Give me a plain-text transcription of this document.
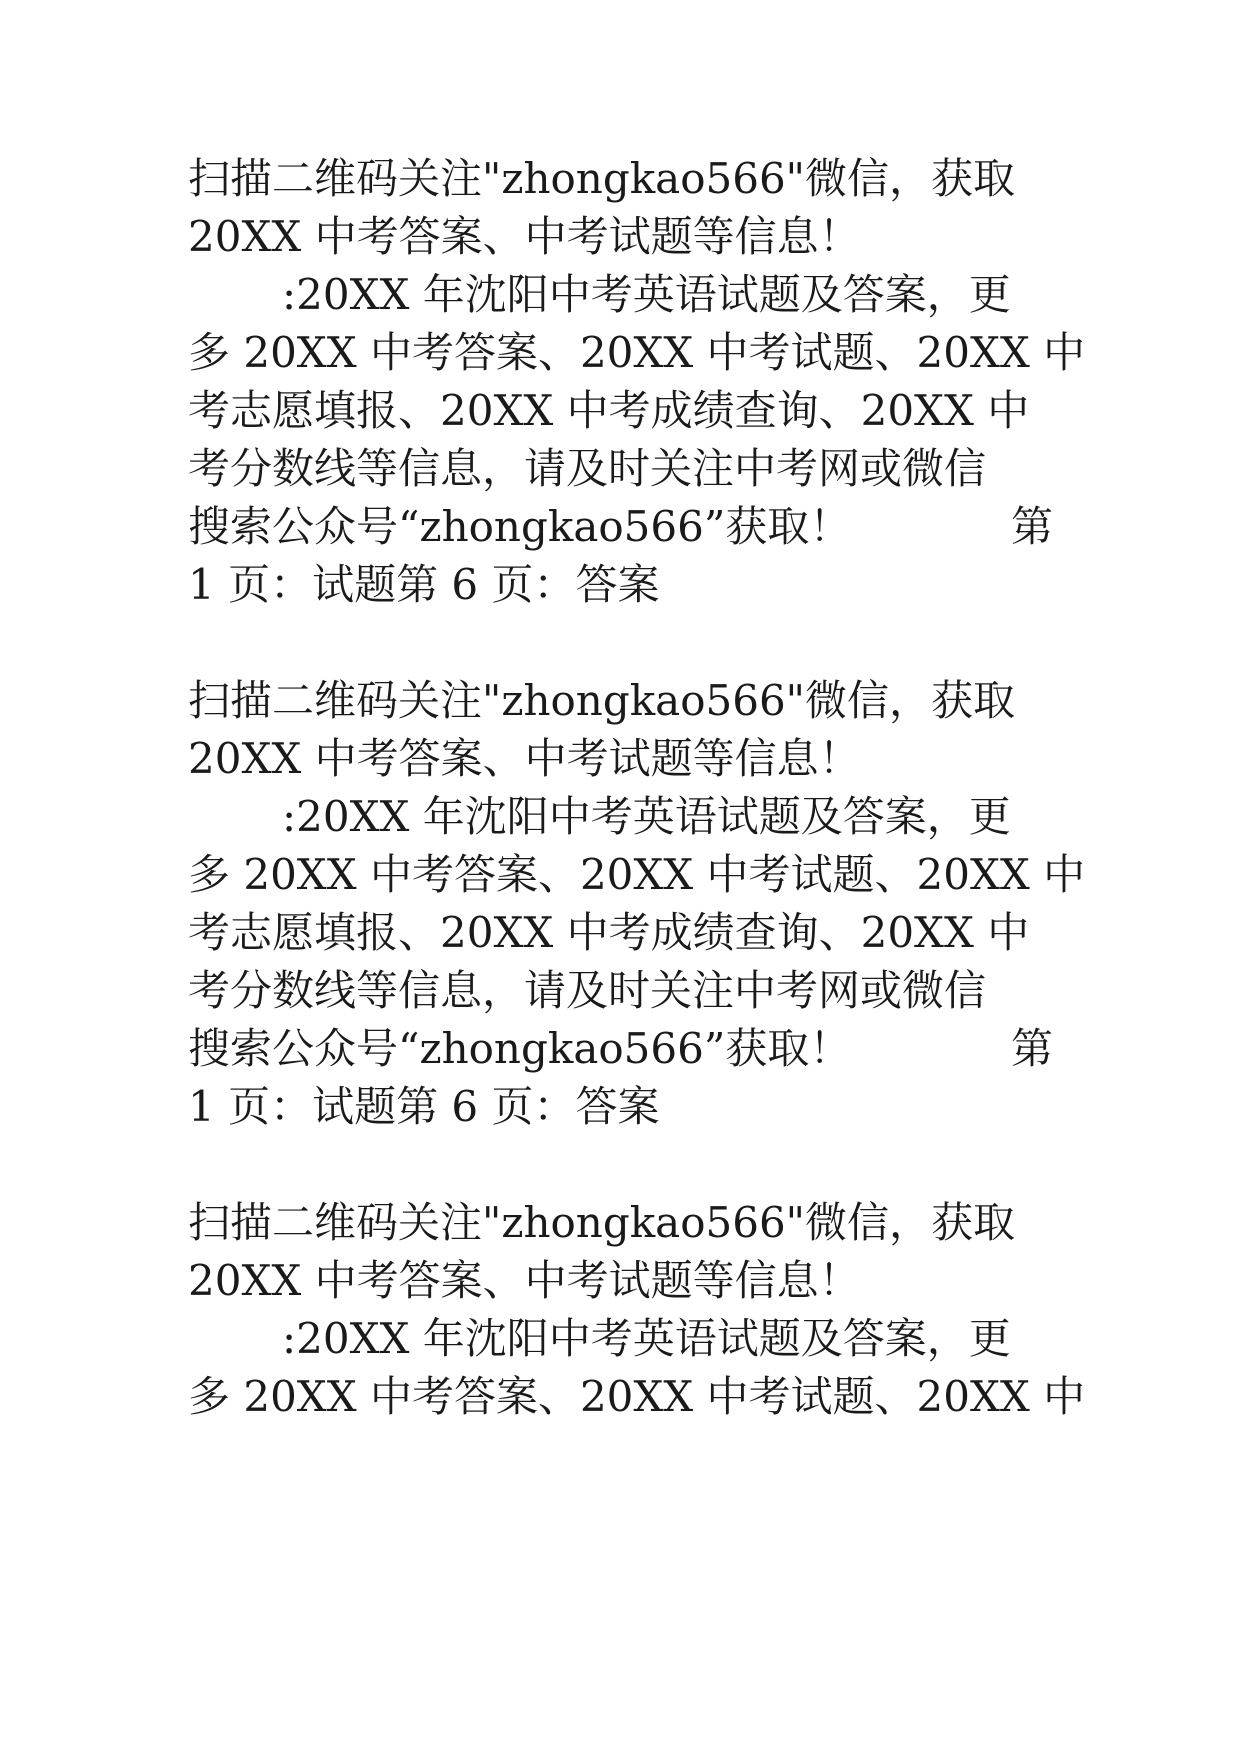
扫描二维码关注"zhongkao566"微信，获取
20XX 中考答案、中考试题等信息！
:20XX 年沈阳中考英语试题及答案，更
多 20XX 中考答案、20XX 中考试题、20XX 中
考志愿填报、20XX 中考成绩查询、20XX 中
考分数线等信息，请及时关注中考网或微信
搜索公众号“zhongkao566”获取！	第
1 页：试题第 6 页：答案
扫描二维码关注"zhongkao566"微信，获取
20XX 中考答案、中考试题等信息！
:20XX 年沈阳中考英语试题及答案，更
多 20XX 中考答案、20XX 中考试题、20XX 中
考志愿填报、20XX 中考成绩查询、20XX 中
考分数线等信息，请及时关注中考网或微信
搜索公众号“zhongkao566”获取！	第
1 页：试题第 6 页：答案
扫描二维码关注"zhongkao566"微信，获取
20XX 中考答案、中考试题等信息！
:20XX 年沈阳中考英语试题及答案，更
多 20XX 中考答案、20XX 中考试题、20XX 中
